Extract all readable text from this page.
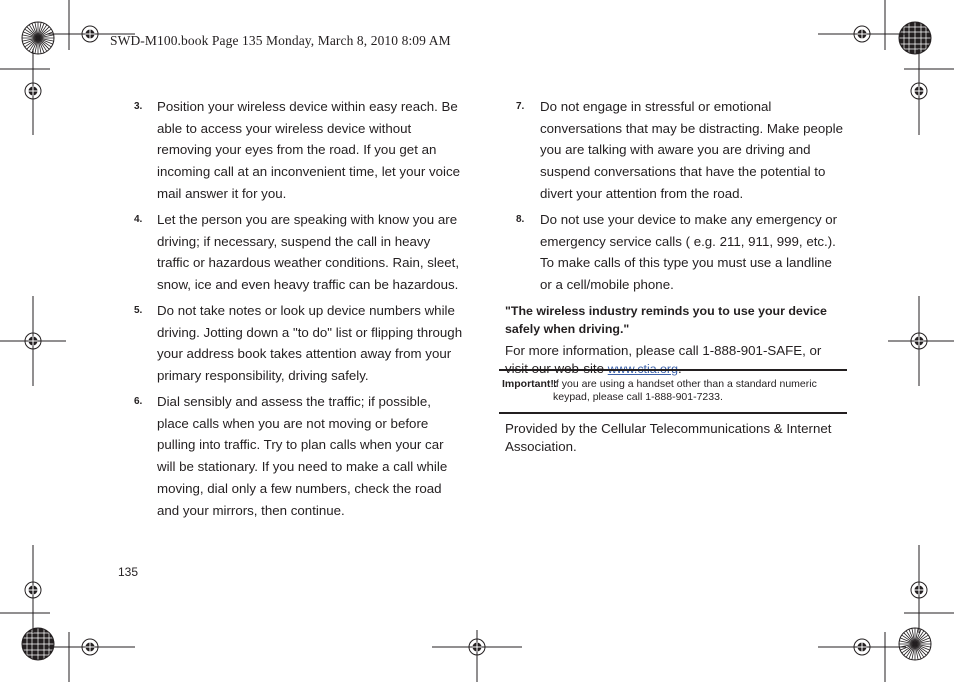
SWD-M100.book Page 135 Monday, March 8, 2010 8:09 AM
3. Position your wireless device within easy reach. Be able to access your wireless device without removing your eyes from the road. If you get an incoming call at an inconvenient time, let your voice mail answer it for you.
4. Let the person you are speaking with know you are driving; if necessary, suspend the call in heavy traffic or hazardous weather conditions. Rain, sleet, snow, ice and even heavy traffic can be hazardous.
5. Do not take notes or look up device numbers while driving. Jotting down a "to do" list or flipping through your address book takes attention away from your primary responsibility, driving safely.
6. Dial sensibly and assess the traffic; if possible, place calls when you are not moving or before pulling into traffic. Try to plan calls when your car will be stationary. If you need to make a call while moving, dial only a few numbers, check the road and your mirrors, then continue.
7. Do not engage in stressful or emotional conversations that may be distracting. Make people you are talking with aware you are driving and suspend conversations that have the potential to divert your attention from the road.
8. Do not use your device to make any emergency or emergency service calls ( e.g. 211, 911, 999, etc.). To make calls of this type you must use a landline or a cell/mobile phone.
"The wireless industry reminds you to use your device safely when driving."
For more information, please call 1-888-901-SAFE, or visit our web-site www.ctia.org.
Important!:
If you are using a handset other than a standard numeric keypad, please call 1-888-901-7233.
Provided by the Cellular Telecommunications & Internet Association.
135
